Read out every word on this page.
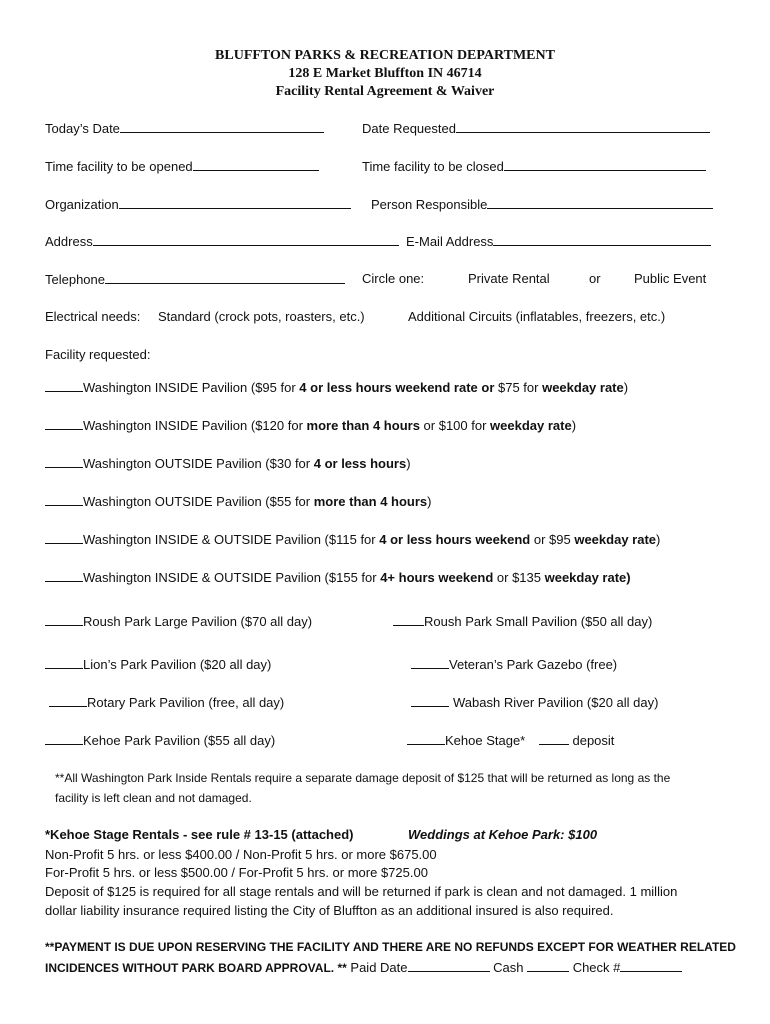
BLUFFTON PARKS & RECREATION DEPARTMENT
128 E Market Bluffton IN 46714
Facility Rental Agreement & Waiver
Today’s Date	Date Requested
Time facility to be opened	Time facility to be closed
Organization	Person Responsible
Address	E-Mail Address
Telephone	Circle one:	Private Rental	or	Public Event
Electrical needs: Standard (crock pots, roasters, etc.)	Additional Circuits (inflatables, freezers, etc.)
Facility requested:
Washington INSIDE Pavilion ($95 for 4 or less hours weekend rate or $75 for weekday rate)
Washington INSIDE Pavilion ($120 for more than 4 hours or $100 for weekday rate)
Washington OUTSIDE Pavilion ($30 for 4 or less hours)
Washington OUTSIDE Pavilion ($55 for more than 4 hours)
Washington INSIDE & OUTSIDE Pavilion ($115 for 4 or less hours weekend or $95 weekday rate)
Washington INSIDE & OUTSIDE Pavilion ($155 for 4+ hours weekend or $135 weekday rate)
Roush Park Large Pavilion ($70 all day)	Roush Park Small Pavilion ($50 all day)
Lion’s Park Pavilion ($20 all day)	Veteran’s Park Gazebo (free)
Rotary Park Pavilion (free, all day)	Wabash River Pavilion ($20 all day)
Kehoe Park Pavilion ($55 all day)	Kehoe Stage*	deposit
**All Washington Park Inside Rentals require a separate damage deposit of $125 that will be returned as long as the
facility is left clean and not damaged.
*Kehoe Stage Rentals - see rule # 13-15 (attached)	Weddings at Kehoe Park: $100
Non-Profit 5 hrs. or less $400.00 / Non-Profit 5 hrs. or more $675.00
For-Profit 5 hrs. or less $500.00 / For-Profit 5 hrs. or more $725.00
Deposit of $125 is required for all stage rentals and will be returned if park is clean and not damaged. 1 million
dollar liability insurance required listing the City of Bluffton as an additional insured is also required.
**PAYMENT IS DUE UPON RESERVING THE FACILITY AND THERE ARE NO REFUNDS EXCEPT FOR WEATHER RELATED
INCIDENCES WITHOUT PARK BOARD APPROVAL. ** Paid Date	Cash	Check #
